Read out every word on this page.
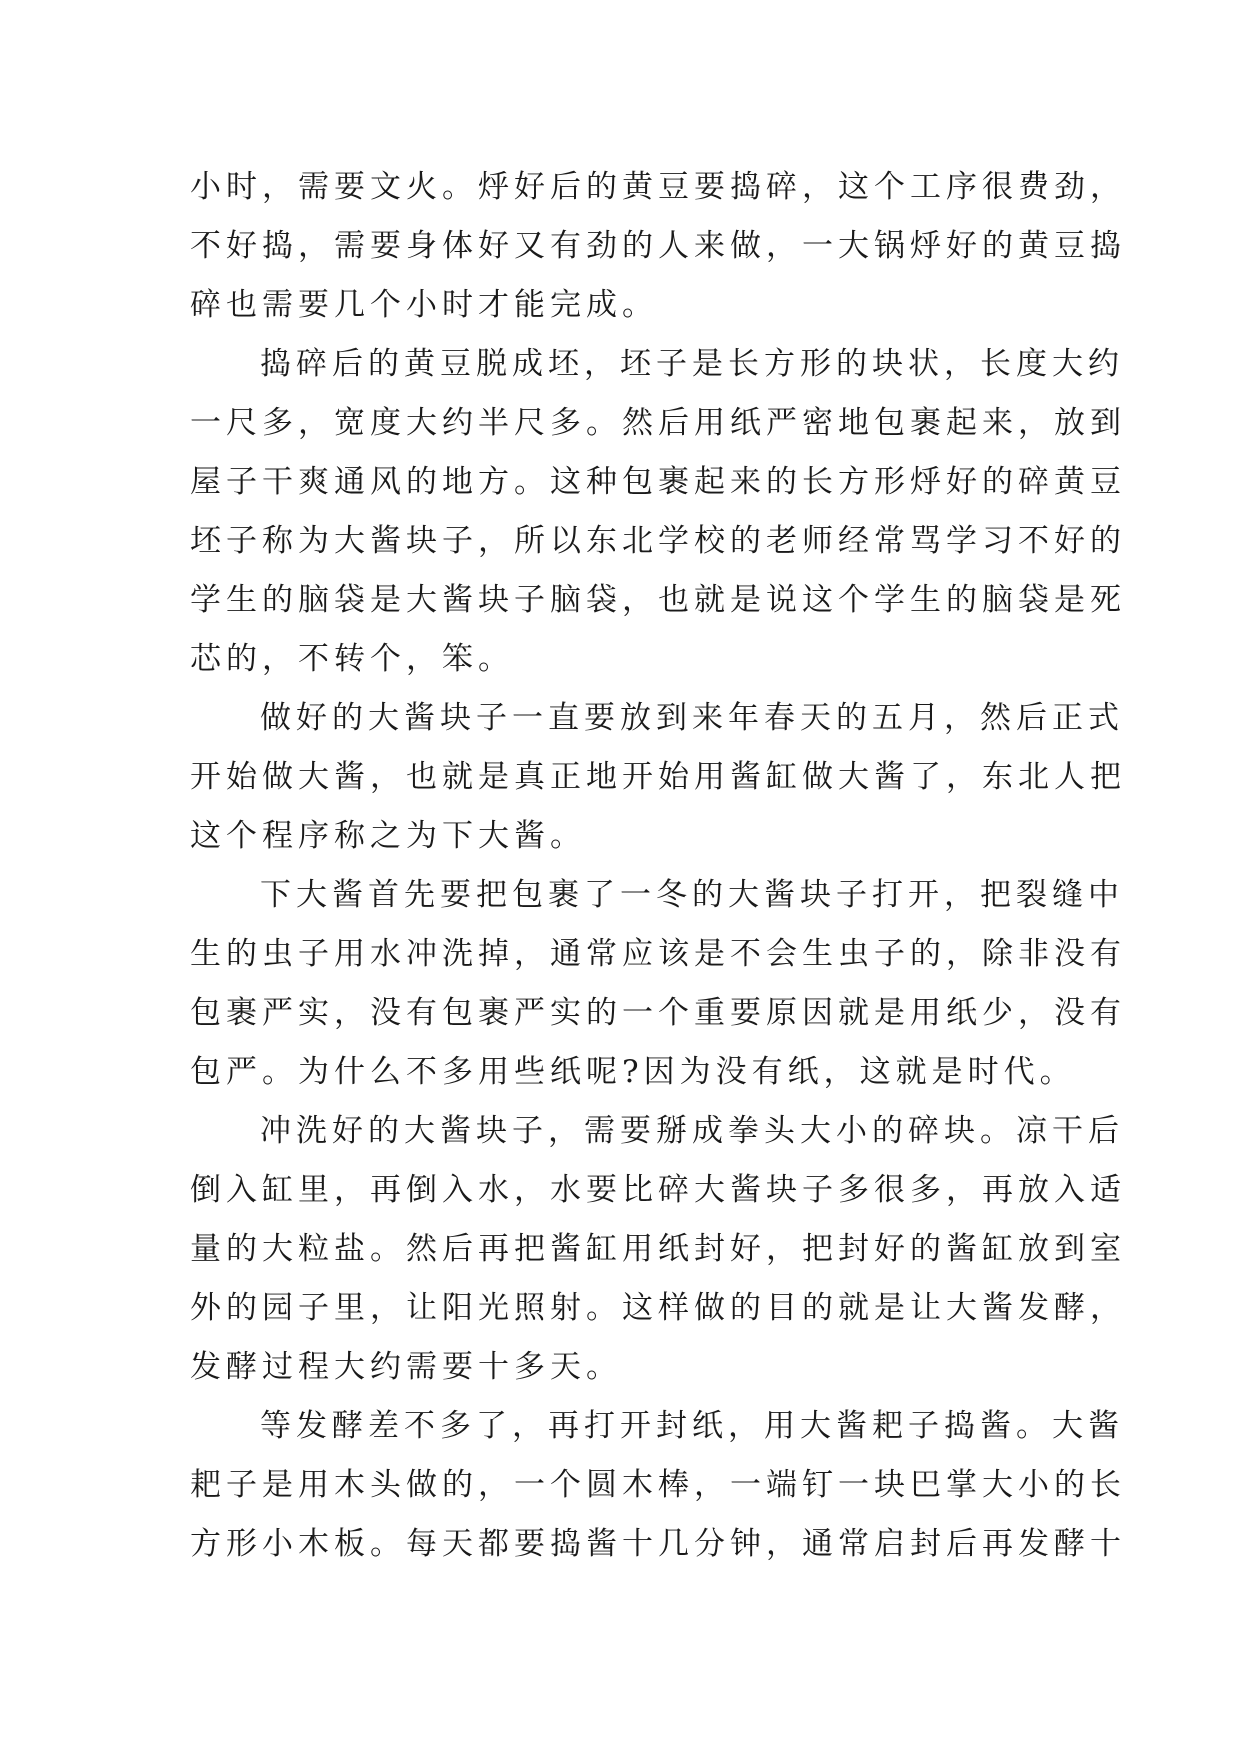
小时，需要文火。烀好后的黄豆要捣碎，这个工序很费劲，
不好捣，需要身体好又有劲的人来做，一大锅烀好的黄豆捣
碎也需要几个小时才能完成。
捣碎后的黄豆脱成坯，坯子是长方形的块状，长度大约
一尺多，宽度大约半尺多。然后用纸严密地包裹起来，放到
屋子干爽通风的地方。这种包裹起来的长方形烀好的碎黄豆
坯子称为大酱块子，所以东北学校的老师经常骂学习不好的
学生的脑袋是大酱块子脑袋，也就是说这个学生的脑袋是死
芯的，不转个，笨。
做好的大酱块子一直要放到来年春天的五月，然后正式
开始做大酱，也就是真正地开始用酱缸做大酱了，东北人把
这个程序称之为下大酱。
下大酱首先要把包裹了一冬的大酱块子打开，把裂缝中
生的虫子用水冲洗掉，通常应该是不会生虫子的，除非没有
包裹严实，没有包裹严实的一个重要原因就是用纸少，没有
包严。为什么不多用些纸呢?因为没有纸，这就是时代。
冲洗好的大酱块子，需要掰成拳头大小的碎块。凉干后
倒入缸里，再倒入水，水要比碎大酱块子多很多，再放入适
量的大粒盐。然后再把酱缸用纸封好，把封好的酱缸放到室
外的园子里，让阳光照射。这样做的目的就是让大酱发酵，
发酵过程大约需要十多天。
等发酵差不多了，再打开封纸，用大酱耙子捣酱。大酱
耙子是用木头做的，一个圆木棒，一端钉一块巴掌大小的长
方形小木板。每天都要捣酱十几分钟，通常启封后再发酵十
